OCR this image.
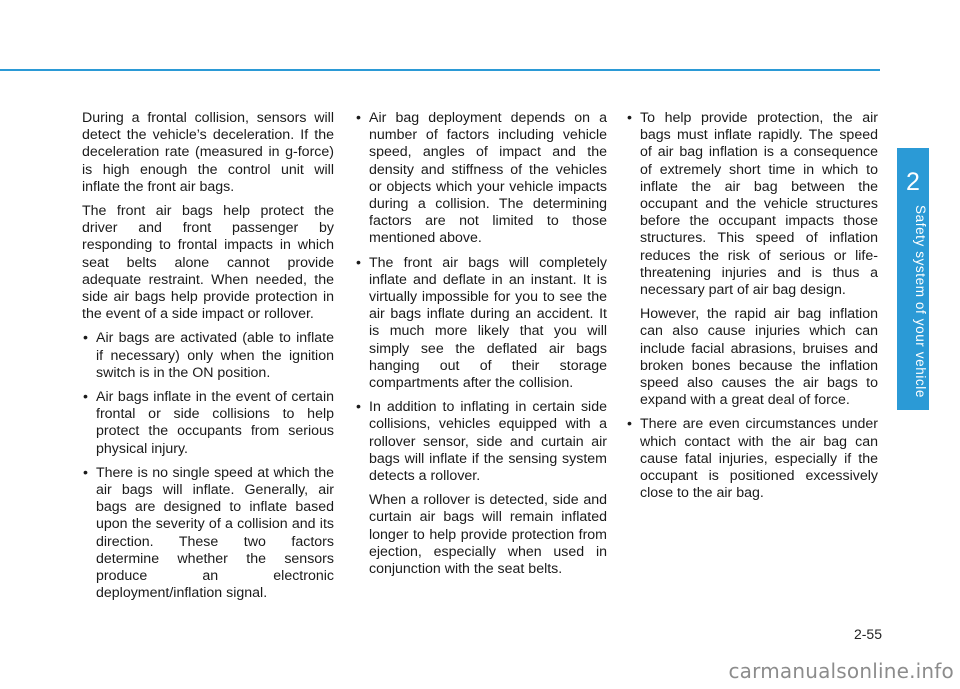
2
Safety system of your vehicle

During a frontal collision, sensors will detect the vehicle’s deceleration. If the deceleration rate (measured in g-force) is high enough the control unit will inflate the front air bags.

The front air bags help protect the driver and front passenger by responding to frontal impacts in which seat belts alone cannot provide adequate restraint. When needed, the side air bags help provide protection in the event of a side impact or rollover.

• Air bags are activated (able to inflate if necessary) only when the ignition switch is in the ON position.
• Air bags inflate in the event of certain frontal or side collisions to help protect the occupants from serious physical injury.
• There is no single speed at which the air bags will inflate. Generally, air bags are designed to inflate based upon the severity of a collision and its direction. These two factors determine whether the sensors produce an electronic deployment/inflation signal.
• Air bag deployment depends on a number of factors including vehicle speed, angles of impact and the density and stiffness of the vehicles or objects which your vehicle impacts during a collision. The determining factors are not limited to those mentioned above.
• The front air bags will completely inflate and deflate in an instant. It is virtually impossible for you to see the air bags inflate during an accident. It is much more likely that you will simply see the deflated air bags hanging out of their storage compartments after the collision.
• In addition to inflating in certain side collisions, vehicles equipped with a rollover sensor, side and curtain air bags will inflate if the sensing system detects a rollover.

When a rollover is detected, side and curtain air bags will remain inflated longer to help provide protection from ejection, especially when used in conjunction with the seat belts.

• To help provide protection, the air bags must inflate rapidly. The speed of air bag inflation is a consequence of extremely short time in which to inflate the air bag between the occupant and the vehicle structures before the occupant impacts those structures. This speed of inflation reduces the risk of serious or life-threatening injuries and is thus a necessary part of air bag design.

However, the rapid air bag inflation can also cause injuries which can include facial abrasions, bruises and broken bones because the inflation speed also causes the air bags to expand with a great deal of force.

• There are even circumstances under which contact with the air bag can cause fatal injuries, especially if the occupant is positioned excessively close to the air bag.
2-55
carmanualsonline.info
